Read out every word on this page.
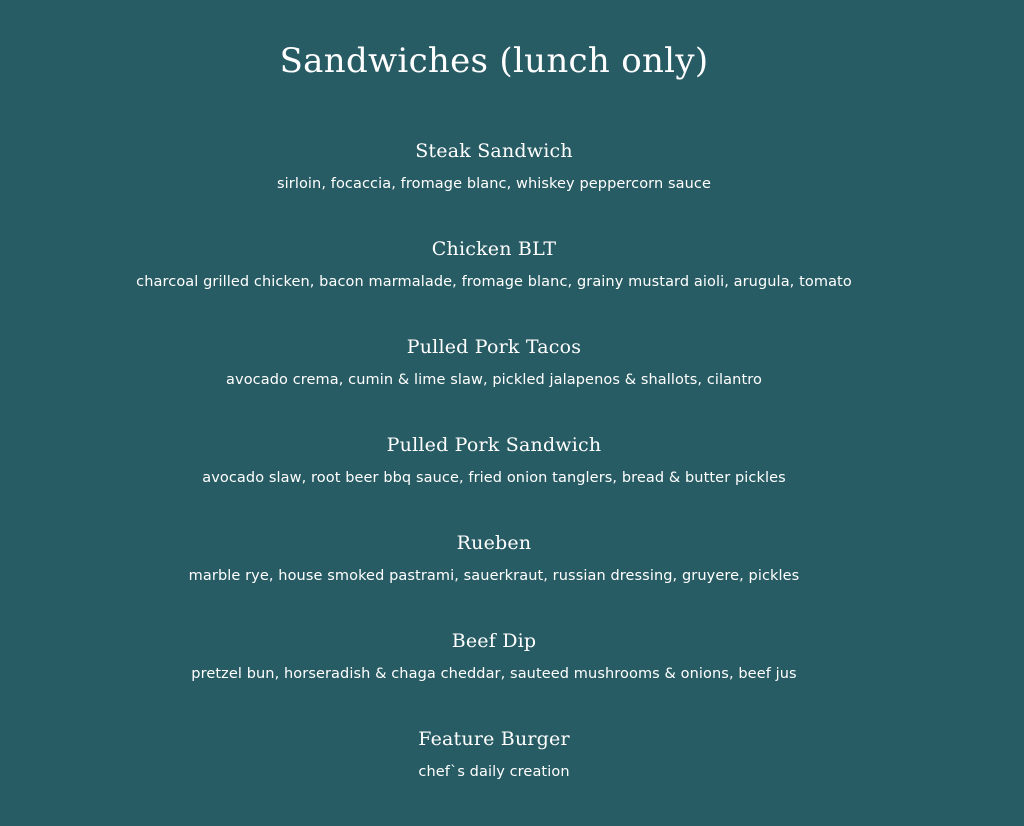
Sandwiches (lunch only)
Steak Sandwich

sirloin, focaccia, fromage blanc, whiskey peppercorn sauce

Chicken BLT

charcoal grilled chicken, bacon marmalade, fromage blanc, grainy mustard aioli, arugula, tomato

Pulled Pork Tacos

avocado crema, cumin & lime slaw, pickled jalapenos & shallots, cilantro

Pulled Pork Sandwich

avocado slaw, root beer bbq sauce, fried onion tanglers, bread & butter pickles

Rueben

marble rye, house smoked pastrami, sauerkraut, russian dressing, gruyere, pickles

Beef Dip

pretzel bun, horseradish & chaga cheddar, sauteed mushrooms & onions, beef jus

Feature Burger

chef`s daily creation
